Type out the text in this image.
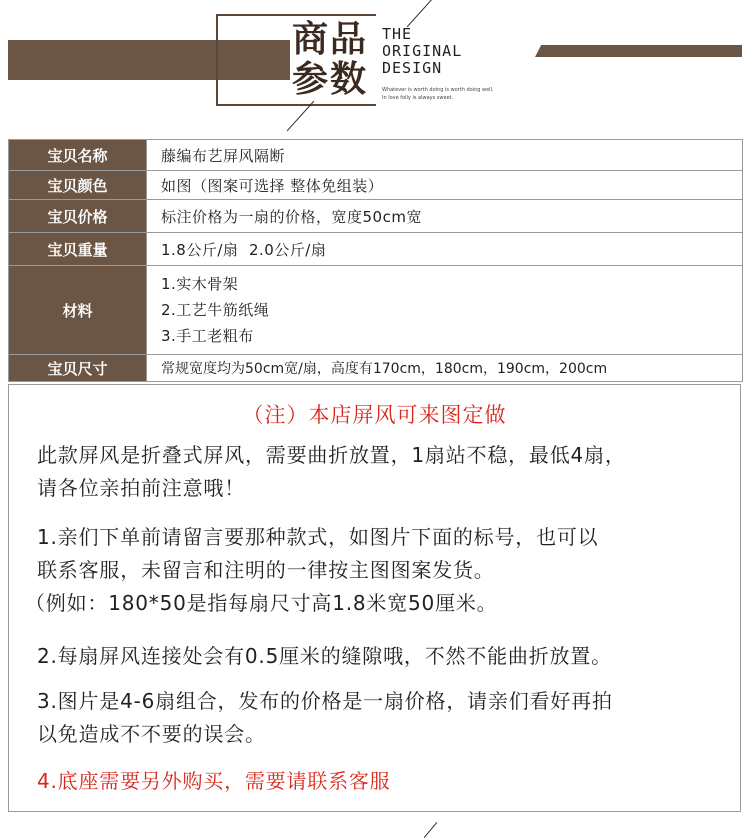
商品
参数
THE
ORIGINAL
DESIGN
Whatever is worth doing is worth doing well.
In love folly is always sweet.
宝贝名称	藤编布艺屏风隔断
宝贝颜色	如图（图案可选择 整体免组装）
宝贝价格	标注价格为一扇的价格，宽度50cm宽
宝贝重量	1.8公斤/扇  2.0公斤/扇
材料	1.实木骨架
2.工艺牛筋纸绳
3.手工老粗布

宝贝尺寸	常规宽度均为50cm宽/扇，高度有170cm，180cm，190cm，200cm
（注）本店屏风可来图定做

此款屏风是折叠式屏风，需要曲折放置，1扇站不稳，最低4扇，
请各位亲拍前注意哦！

1.亲们下单前请留言要那种款式，如图片下面的标号，也可以
联系客服，未留言和注明的一律按主图图案发货。
（例如：180*50是指每扇尺寸高1.8米宽50厘米。

2.每扇屏风连接处会有0.5厘米的缝隙哦，不然不能曲折放置。

3.图片是4-6扇组合，发布的价格是一扇价格，请亲们看好再拍
以免造成不不要的误会。

4.底座需要另外购买，需要请联系客服
